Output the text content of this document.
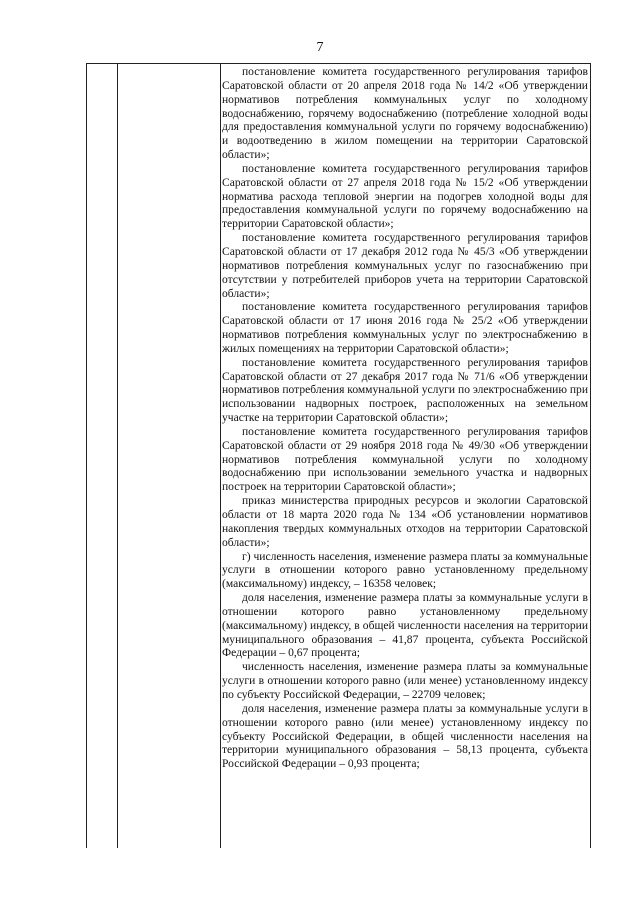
7

постановление комитета государственного регулирования тарифов Саратовской области от 20 апреля 2018 года № 14/2 «Об утверждении нормативов потребления коммунальных услуг по холодному водоснабжению, горячему водоснабжению (потребление холодной воды для предоставления коммунальной услуги по горячему водоснабжению) и водоотведению в жилом помещении на территории Саратовской области»;

постановление комитета государственного регулирования тарифов Саратовской области от 27 апреля 2018 года № 15/2 «Об утверждении норматива расхода тепловой энергии на подогрев холодной воды для предоставления коммунальной услуги по горячему водоснабжению на территории Саратовской области»;

постановление комитета государственного регулирования тарифов Саратовской области от 17 декабря 2012 года № 45/3 «Об утверждении нормативов потребления коммунальных услуг по газоснабжению при отсутствии у потребителей приборов учета на территории Саратовской области»;

постановление комитета государственного регулирования тарифов Саратовской области от 17 июня 2016 года № 25/2 «Об утверждении нормативов потребления коммунальных услуг по электроснабжению в жилых помещениях на территории Саратовской области»;

постановление комитета государственного регулирования тарифов Саратовской области от 27 декабря 2017 года № 71/6 «Об утверждении нормативов потребления коммунальной услуги по электроснабжению при использовании надворных построек, расположенных на земельном участке на территории Саратовской области»;

постановление комитета государственного регулирования тарифов Саратовской области от 29 ноября 2018 года № 49/30 «Об утверждении нормативов потребления коммунальной услуги по холодному водоснабжению при использовании земельного участка и надворных построек на территории Саратовской области»;

приказ министерства природных ресурсов и экологии Саратовской области от 18 марта 2020 года № 134 «Об установлении нормативов накопления твердых коммунальных отходов на территории Саратовской области»;

г) численность населения, изменение размера платы за коммунальные услуги в отношении которого равно установленному предельному (максимальному) индексу, – 16358 человек;

доля населения, изменение размера платы за коммунальные услуги в отношении которого равно установленному предельному (максимальному) индексу, в общей численности населения на территории муниципального образования – 41,87 процента, субъекта Российской Федерации – 0,67 процента;

численность населения, изменение размера платы за коммунальные услуги в отношении которого равно (или менее) установленному индексу по субъекту Российской Федерации, – 22709 человек;

доля населения, изменение размера платы за коммунальные услуги в отношении которого равно (или менее) установленному индексу по субъекту Российской Федерации, в общей численности населения на территории муниципального образования – 58,13 процента, субъекта Российской Федерации – 0,93 процента;
